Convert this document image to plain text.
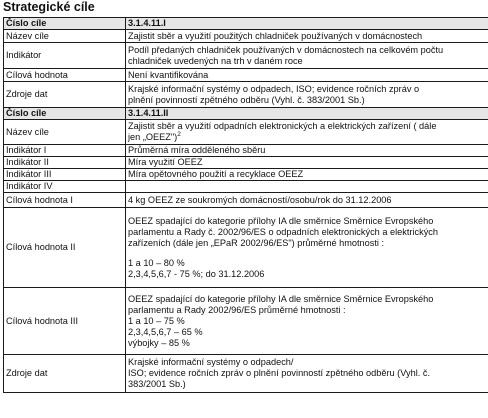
Strategické cíle
Číslo cíle	3.1.4.11.I
Název cíle	Zajistit sběr a využití použitých chladniček používaných v domácnostech
Indikátor	Podíl předaných chladniček používaných v domácnostech na celkovém počtu
chladniček uvedených na trh v daném roce

Cílová hodnota	Není kvantifikována
Zdroje dat	Krajské informační systémy o odpadech, ISO; evidence ročních zpráv o
plnění povinností zpětného odběru (Vyhl. č. 383/2001 Sb.)

Číslo cíle	3.1.4.11.II
Název cíle	Zajistit sběr a využití odpadních elektronických a elektrických zařízení ( dále
jen „OEEZ")$^2$

Indikátor I	Průměrná míra odděleného sběru
Indikátor II	Míra využití OEEZ
Indikátor III	Míra opětovného použití a recyklace OEEZ
Indikátor IV	
Cílová hodnota I	4 kg OEEZ ze soukromých domácností/osobu/rok do 31.12.2006
Cílová hodnota II	OEEZ spadající do kategorie přílohy IA dle směrnice Směrnice Evropského
parlamentu a Rady č. 2002/96/ES o odpadních elektronických a elektrických
zařízeních (dále jen „EPaR 2002/96/ES") průměrné hmotnosti :
1 a 10 – 80 %
2,3,4,5,6,7 - 75 %; do 31.12.2006

Cílová hodnota III	OEEZ spadající do kategorie přílohy IA dle směrnice Směrnice Evropského
parlamentu a Rady 2002/96/ES průměrné hmotnosti :
1 a 10 – 75 %
2,3,4,5,6,7 – 65 %
výbojky – 85 %

Zdroje dat	Krajské informační systémy o odpadech/
ISO; evidence ročních zpráv o plnění povinností zpětného odběru (Vyhl. č.
383/2001 Sb.)
